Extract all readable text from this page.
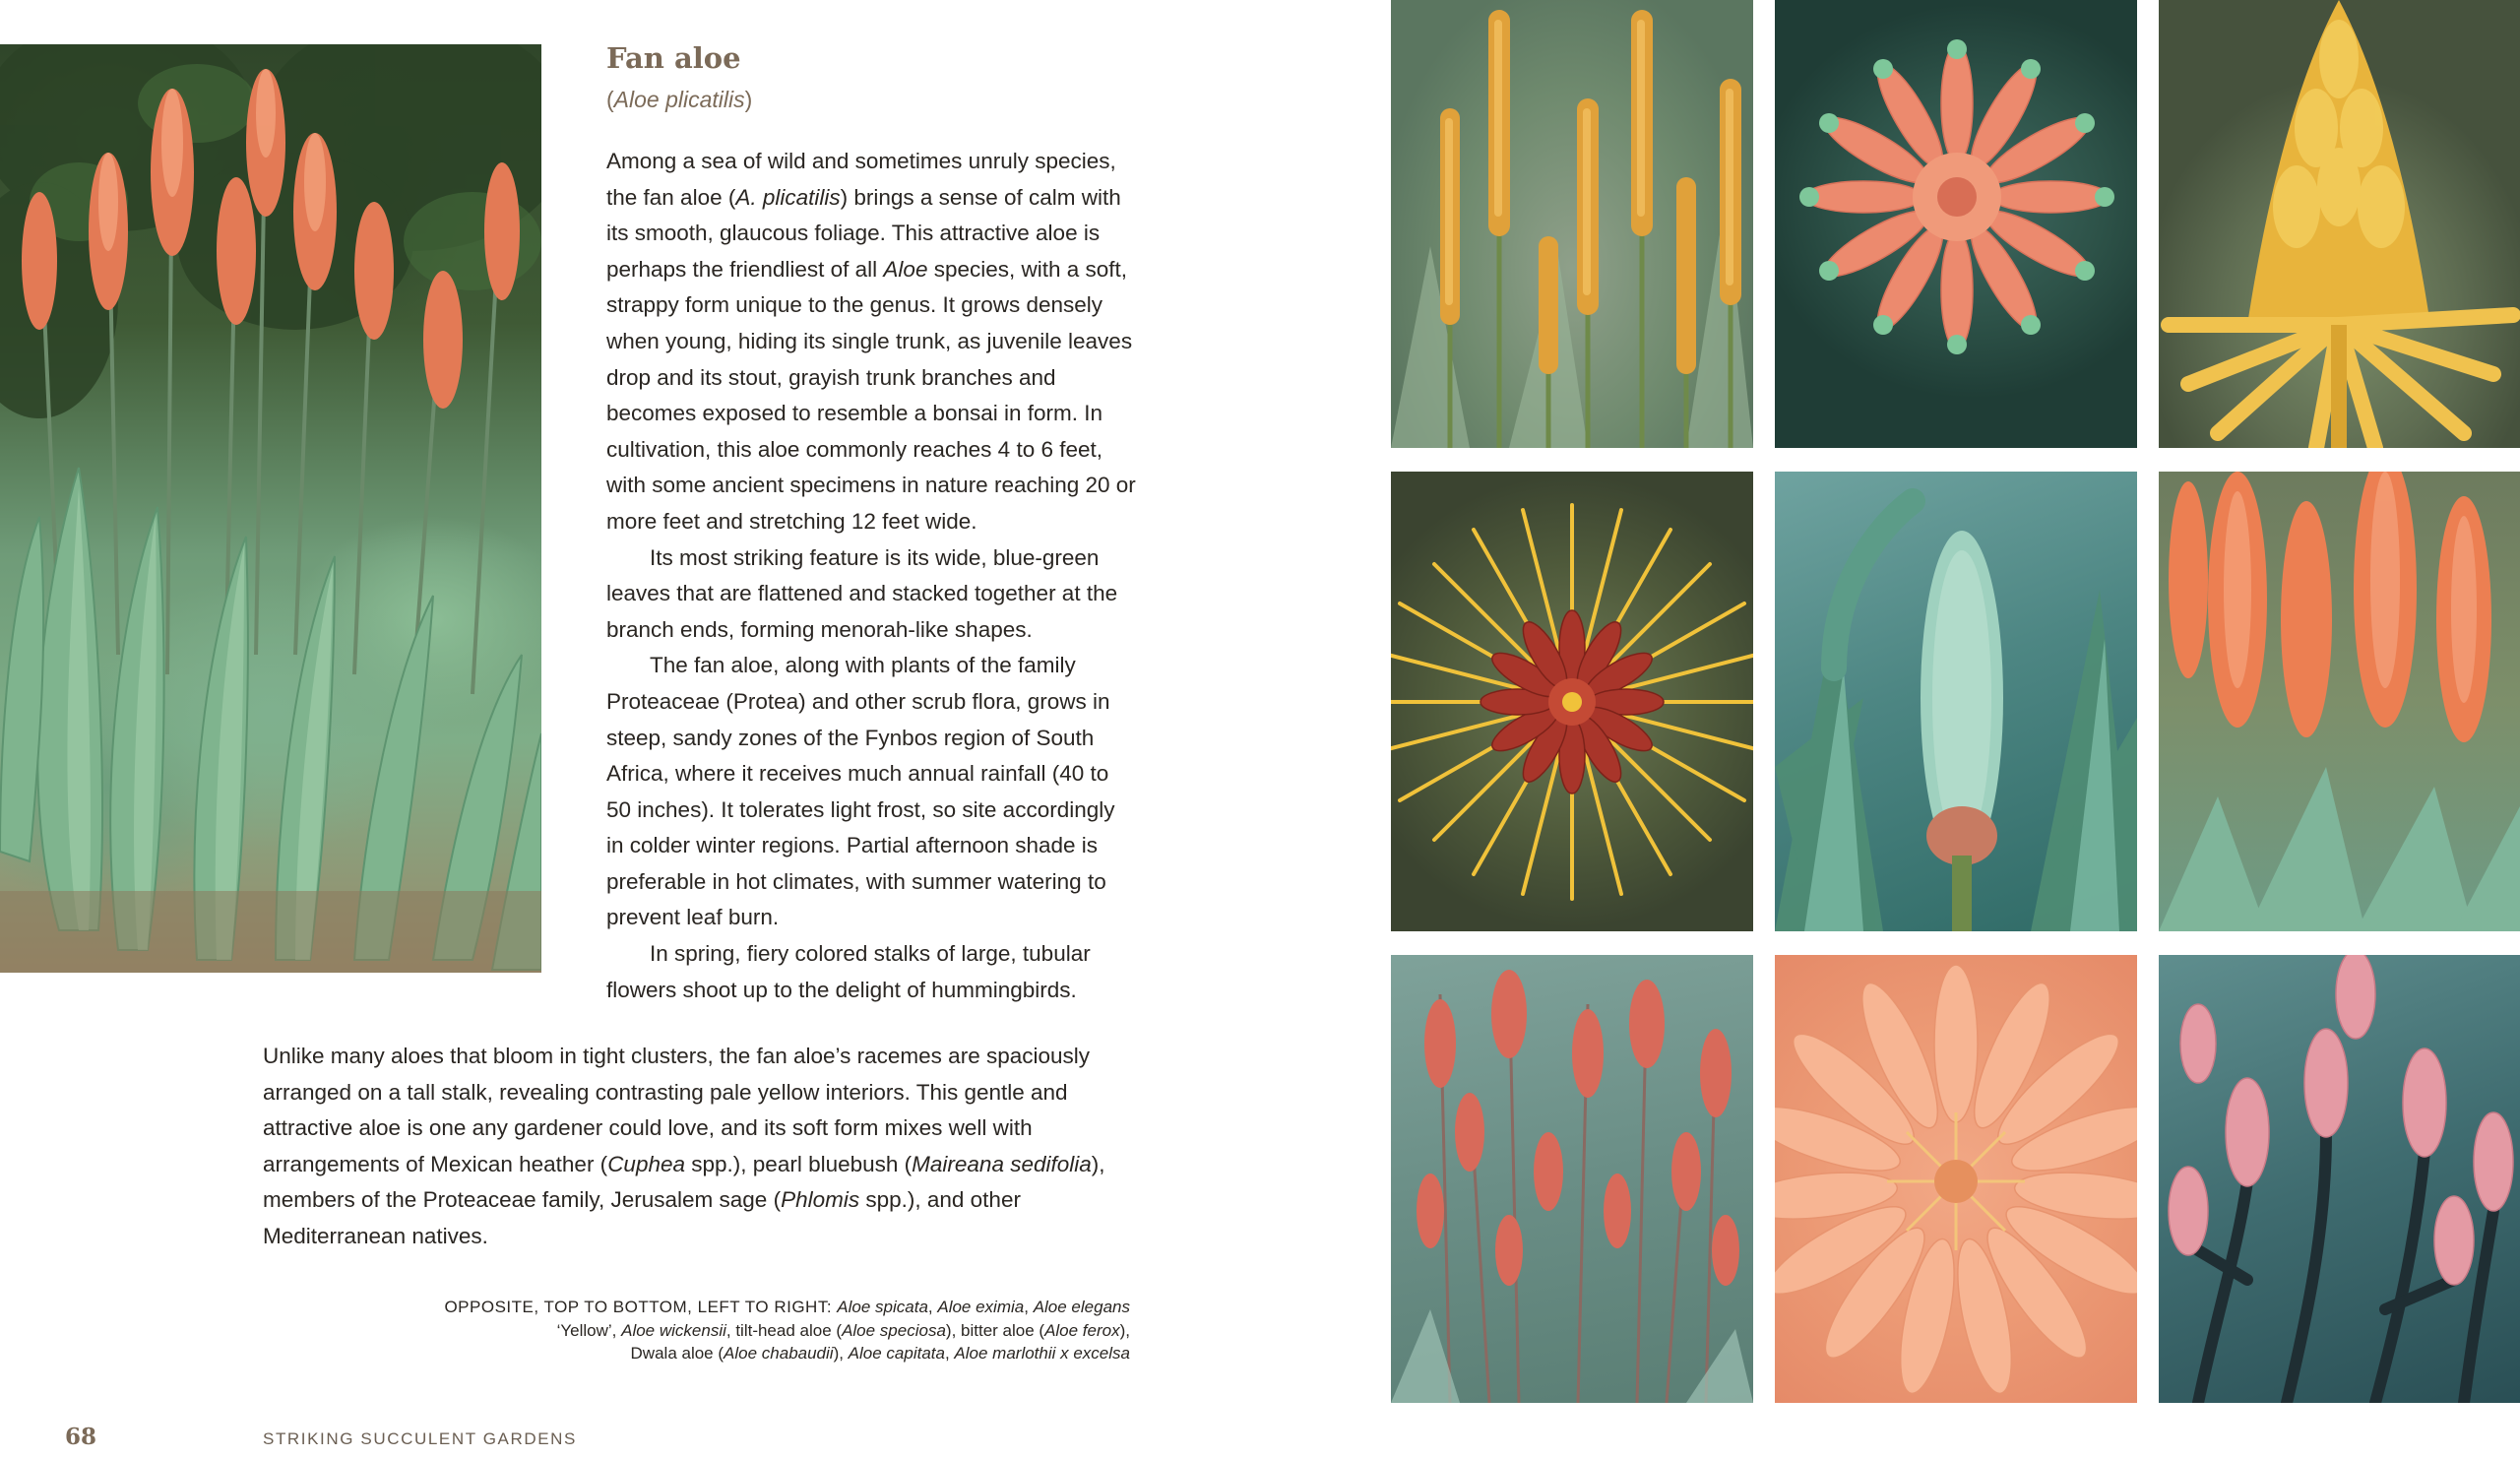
Fan aloe

(Aloe plicatilis)

Among a sea of wild and sometimes unruly species, the fan aloe (A. plicatilis) brings a sense of calm with its smooth, glaucous foliage. This attractive aloe is perhaps the friendliest of all Aloe species, with a soft, strappy form unique to the genus. It grows densely when young, hiding its single trunk, as juvenile leaves drop and its stout, grayish trunk branches and becomes exposed to resemble a bonsai in form. In cultivation, this aloe commonly reaches 4 to 6 feet, with some ancient specimens in nature reaching 20 or more feet and stretching 12 feet wide.

Its most striking feature is its wide, blue-green leaves that are flattened and stacked together at the branch ends, forming menorah-like shapes.

The fan aloe, along with plants of the family Proteaceae (Protea) and other scrub flora, grows in steep, sandy zones of the Fynbos region of South Africa, where it receives much annual rainfall (40 to 50 inches). It tolerates light frost, so site accordingly in colder winter regions. Partial afternoon shade is preferable in hot climates, with summer watering to prevent leaf burn.

In spring, fiery colored stalks of large, tubular flowers shoot up to the delight of hummingbirds.

Unlike many aloes that bloom in tight clusters, the fan aloe’s racemes are spaciously arranged on a tall stalk, revealing contrasting pale yellow interiors. This gentle and attractive aloe is one any gardener could love, and its soft form mixes well with arrangements of Mexican heather (Cuphea spp.), pearl bluebush (Maireana sedifolia), members of the Proteaceae family, Jerusalem sage (Phlomis spp.), and other Mediterranean natives.

OPPOSITE, TOP TO BOTTOM, LEFT TO RIGHT: Aloe spicata, Aloe eximia, Aloe elegans
‘Yellow’, Aloe wickensii, tilt-head aloe (Aloe speciosa), bitter aloe (Aloe ferox),
Dwala aloe (Aloe chabaudii), Aloe capitata, Aloe marlothii x excelsa

68	STRIKING SUCCULENT GARDENS
